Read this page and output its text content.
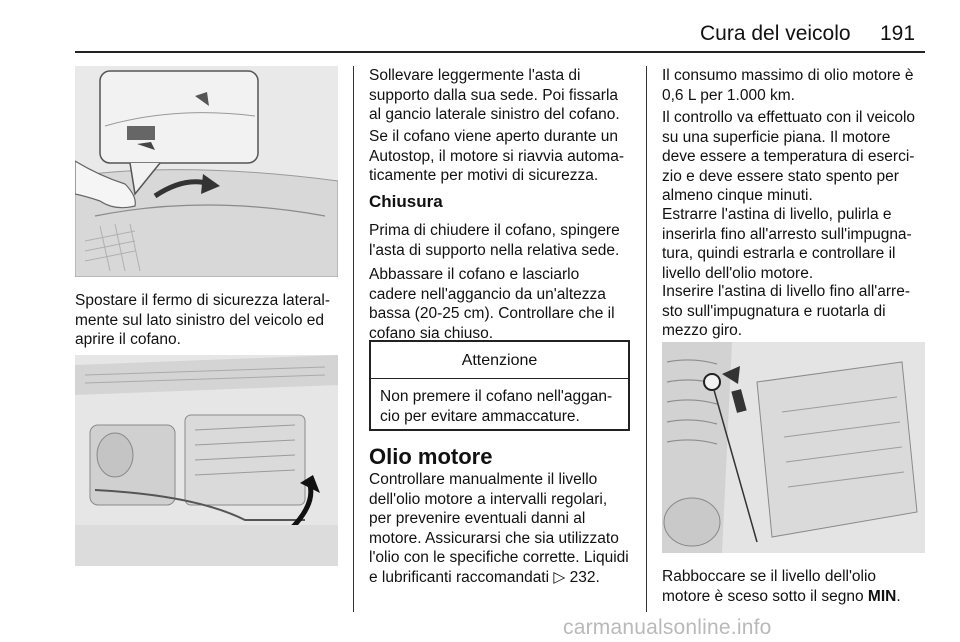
Cura del veicolo 191

Spostare il fermo di sicurezza lateral-
mente sul lato sinistro del veicolo ed
aprire il cofano.

Sollevare leggermente l'asta di
supporto dalla sua sede. Poi fissarla
al gancio laterale sinistro del cofano.

Se il cofano viene aperto durante un
Autostop, il motore si riavvia automa-
ticamente per motivi di sicurezza.

Chiusura

Prima di chiudere il cofano, spingere
l'asta di supporto nella relativa sede.

Abbassare il cofano e lasciarlo
cadere nell'aggancio da un'altezza
bassa (20-25 cm). Controllare che il
cofano sia chiuso.

Attenzione
Non premere il cofano nell'aggan-
cio per evitare ammaccature.
Olio motore

Controllare manualmente il livello
dell'olio motore a intervalli regolari,
per prevenire eventuali danni al
motore. Assicurarsi che sia utilizzato
l'olio con le specifiche corrette. Liquidi
e lubrificanti raccomandati ▷ 232.

Il consumo massimo di olio motore è
0,6 L per 1.000 km.

Il controllo va effettuato con il veicolo
su una superficie piana. Il motore
deve essere a temperatura di eserci-
zio e deve essere stato spento per
almeno cinque minuti.

Estrarre l'astina di livello, pulirla e
inserirla fino all'arresto sull'impugna-
tura, quindi estrarla e controllare il
livello dell'olio motore.

Inserire l'astina di livello fino all'arre-
sto sull'impugnatura e ruotarla di
mezzo giro.

Rabboccare se il livello dell'olio
motore è sceso sotto il segno MIN.

carmanualsonline.info
